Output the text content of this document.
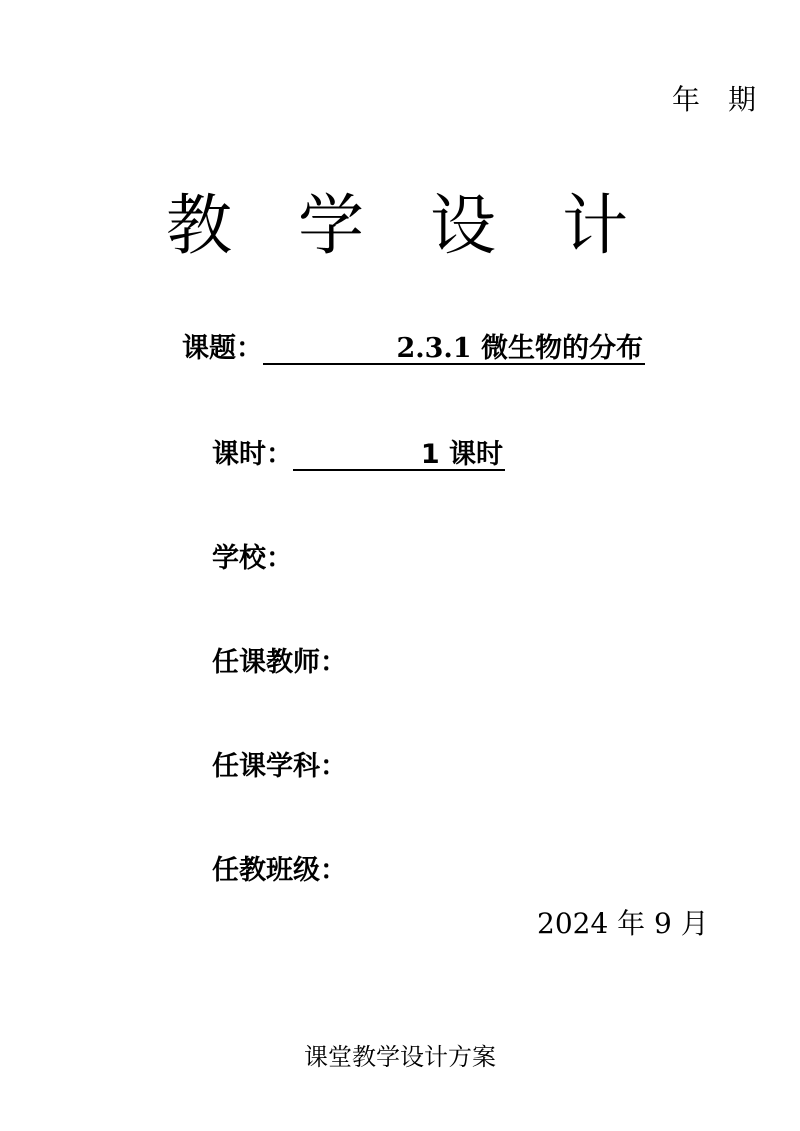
年　期
教学设计
课题：	2.3.1 微生物的分布
课时：	1 课时
学校：
任课教师：
任课学科：
任教班级：
2024 年 9 月
课堂教学设计方案
